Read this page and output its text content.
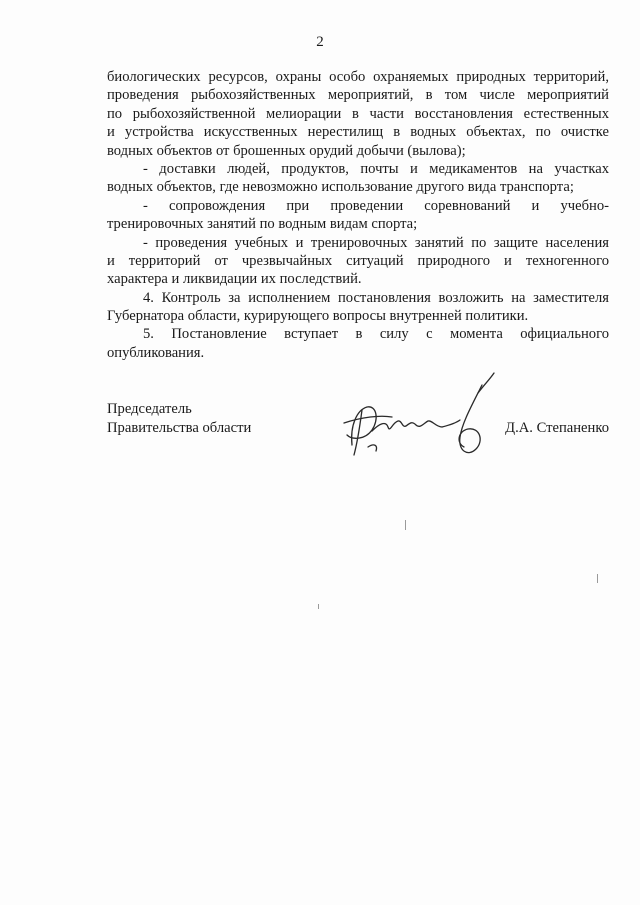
2
биологических ресурсов, охраны особо охраняемых природных территорий,
проведения рыбохозяйственных мероприятий, в том числе мероприятий
по рыбохозяйственной мелиорации в части восстановления естественных
и устройства искусственных нерестилищ в водных объектах, по очистке
водных объектов от брошенных орудий добычи (вылова);
- доставки людей, продуктов, почты и медикаментов на участках
водных объектов, где невозможно использование другого вида транспорта;
- сопровождения при проведении соревнований и учебно-
тренировочных занятий по водным видам спорта;
- проведения учебных и тренировочных занятий по защите населения
и территорий от чрезвычайных ситуаций природного и техногенного
характера и ликвидации их последствий.
4. Контроль за исполнением постановления возложить на заместителя
Губернатора области, курирующего вопросы внутренней политики.
5. Постановление вступает в силу с момента официального
опубликования.
Председатель
Правительства области	Д.А. Степаненко
